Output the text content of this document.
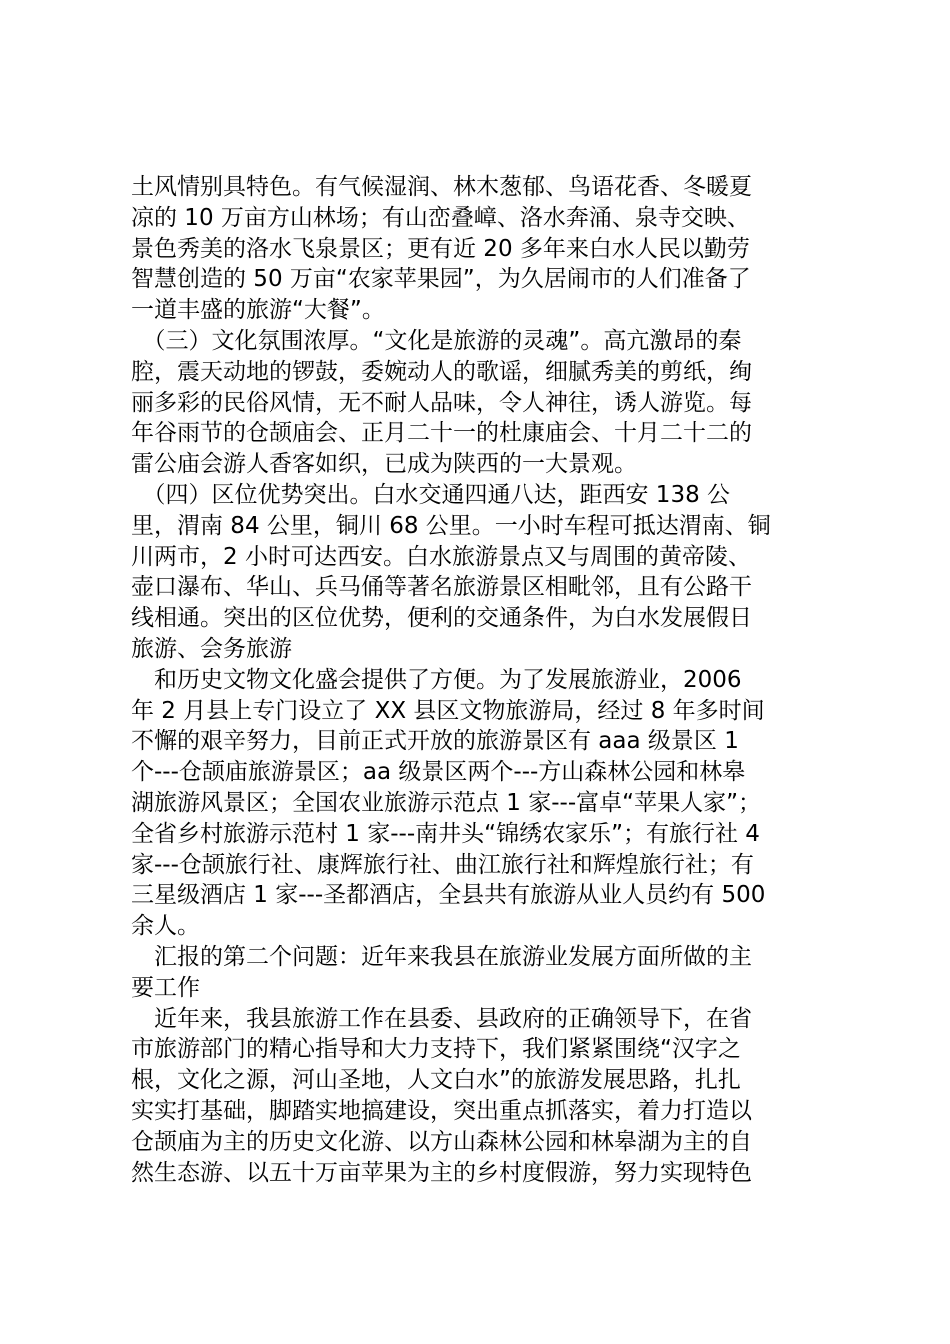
土风情别具特色。有气候湿润、林木葱郁、鸟语花香、冬暖夏
凉的 10 万亩方山林场；有山峦叠嶂、洛水奔涌、泉寺交映、
景色秀美的洛水飞泉景区；更有近 20 多年来白水人民以勤劳
智慧创造的 50 万亩“农家苹果园”，为久居闹市的人们准备了
一道丰盛的旅游“大餐”。
　（三）文化氛围浓厚。“文化是旅游的灵魂”。高亢激昂的秦
腔，震天动地的锣鼓，委婉动人的歌谣，细腻秀美的剪纸，绚
丽多彩的民俗风情，无不耐人品味，令人神往，诱人游览。每
年谷雨节的仓颉庙会、正月二十一的杜康庙会、十月二十二的
雷公庙会游人香客如织，已成为陕西的一大景观。
　（四）区位优势突出。白水交通四通八达，距西安 138 公
里，渭南 84 公里，铜川 68 公里。一小时车程可抵达渭南、铜
川两市，2 小时可达西安。白水旅游景点又与周围的黄帝陵、
壶口瀑布、华山、兵马俑等著名旅游景区相毗邻，且有公路干
线相通。突出的区位优势，便利的交通条件，为白水发展假日
旅游、会务旅游
　和历史文物文化盛会提供了方便。为了发展旅游业，2006
年 2 月县上专门设立了 XX 县区文物旅游局，经过 8 年多时间
不懈的艰辛努力，目前正式开放的旅游景区有 aaa 级景区 1
个---仓颉庙旅游景区；aa 级景区两个---方山森林公园和林皋
湖旅游风景区；全国农业旅游示范点 1 家---富卓“苹果人家”；
全省乡村旅游示范村 1 家---南井头“锦绣农家乐”；有旅行社 4
家---仓颉旅行社、康辉旅行社、曲江旅行社和辉煌旅行社；有
三星级酒店 1 家---圣都酒店，全县共有旅游从业人员约有 500
余人。
　汇报的第二个问题：近年来我县在旅游业发展方面所做的主
要工作
　近年来，我县旅游工作在县委、县政府的正确领导下，在省
市旅游部门的精心指导和大力支持下，我们紧紧围绕“汉字之
根，文化之源，河山圣地，人文白水”的旅游发展思路，扎扎
实实打基础，脚踏实地搞建设，突出重点抓落实，着力打造以
仓颉庙为主的历史文化游、以方山森林公园和林皋湖为主的自
然生态游、以五十万亩苹果为主的乡村度假游，努力实现特色
